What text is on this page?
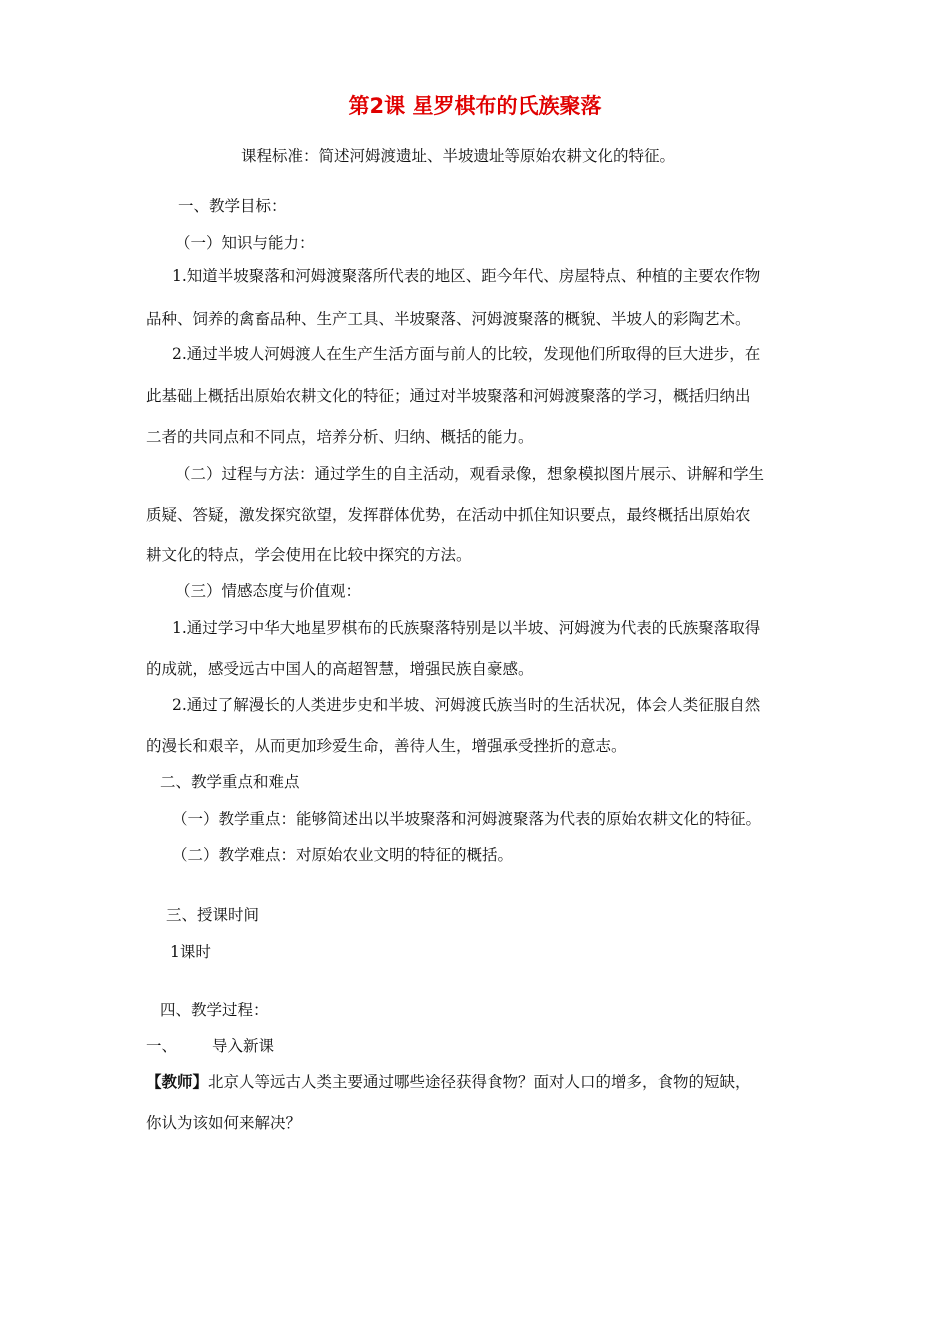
第2课 星罗棋布的氏族聚落
课程标准：简述河姆渡遗址、半坡遗址等原始农耕文化的特征。
一、教学目标：
（一）知识与能力：
1.知道半坡聚落和河姆渡聚落所代表的地区、距今年代、房屋特点、种植的主要农作物
品种、饲养的禽畜品种、生产工具、半坡聚落、河姆渡聚落的概貌、半坡人的彩陶艺术。
2.通过半坡人河姆渡人在生产生活方面与前人的比较，发现他们所取得的巨大进步，在
此基础上概括出原始农耕文化的特征；通过对半坡聚落和河姆渡聚落的学习，概括归纳出
二者的共同点和不同点，培养分析、归纳、概括的能力。
（二）过程与方法：通过学生的自主活动，观看录像，想象模拟图片展示、讲解和学生
质疑、答疑，激发探究欲望，发挥群体优势，在活动中抓住知识要点，最终概括出原始农
耕文化的特点，学会使用在比较中探究的方法。
（三）情感态度与价值观：
1.通过学习中华大地星罗棋布的氏族聚落特别是以半坡、河姆渡为代表的氏族聚落取得
的成就，感受远古中国人的高超智慧，增强民族自豪感。
2.通过了解漫长的人类进步史和半坡、河姆渡氏族当时的生活状况，体会人类征服自然
的漫长和艰辛，从而更加珍爱生命，善待人生，增强承受挫折的意志。
二、教学重点和难点
（一）教学重点：能够简述出以半坡聚落和河姆渡聚落为代表的原始农耕文化的特征。
（二）教学难点：对原始农业文明的特征的概括。
三、授课时间
1课时
四、教学过程：
一、 导入新课
【教师】北京人等远古人类主要通过哪些途径获得食物？面对人口的增多，食物的短缺，
你认为该如何来解决？
